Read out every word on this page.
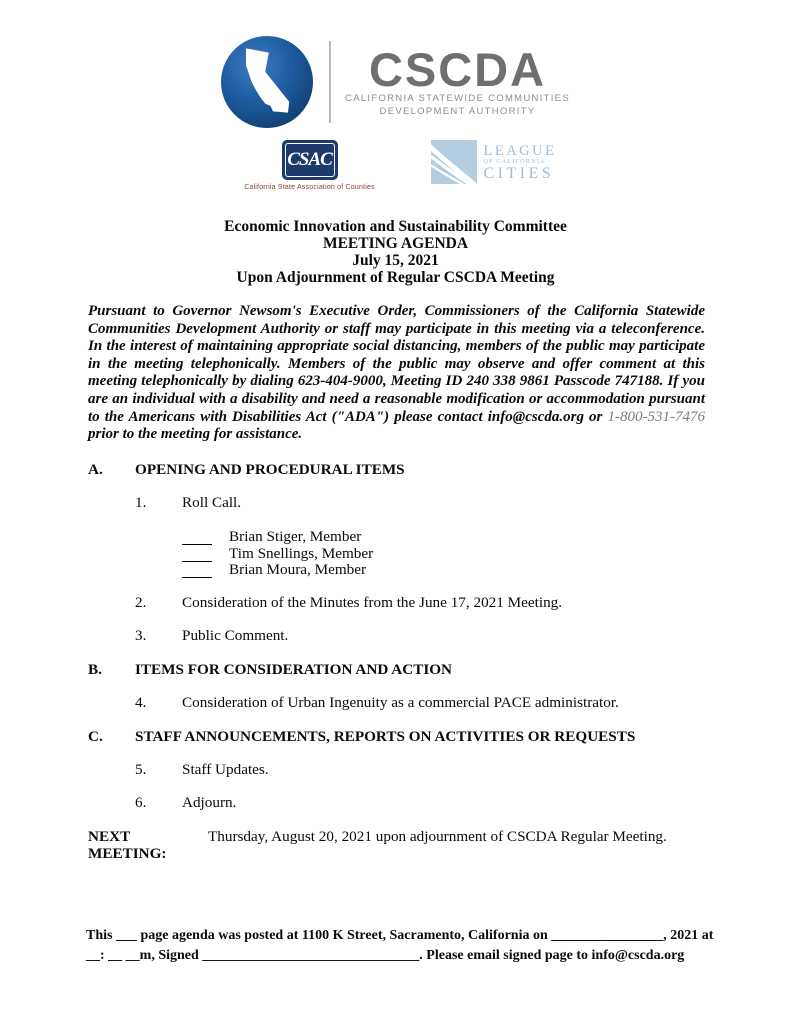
CSCDA
CALIFORNIA STATEWIDE COMMUNITIES
DEVELOPMENT AUTHORITY
CSAC
California State Association of Counties
LEAGUE
OF CALIFORNIA
CITIES
Economic Innovation and Sustainability Committee
MEETING AGENDA
July 15, 2021
Upon Adjournment of Regular CSCDA Meeting

Pursuant to Governor Newsom's Executive Order, Commissioners of the California Statewide Communities Development Authority or staff may participate in this meeting via a teleconference. In the interest of maintaining appropriate social distancing, members of the public may participate in the meeting telephonically. Members of the public may observe and offer comment at this meeting telephonically by dialing 623-404-9000, Meeting ID 240 338 9861 Passcode 747188. If you are an individual with a disability and need a reasonable modification or accommodation pursuant to the Americans with Disabilities Act ("ADA") please contact info@cscda.org or 1-800-531-7476 prior to the meeting for assistance.

A.	OPENING AND PROCEDURAL ITEMS
1.	Roll Call.
Brian Stiger, Member
Tim Snellings, Member
Brian Moura, Member
2.	Consideration of the Minutes from the June 17, 2021 Meeting.
3.	Public Comment.
B.	ITEMS FOR CONSIDERATION AND ACTION
4.	Consideration of Urban Ingenuity as a commercial PACE administrator.
C.	STAFF ANNOUNCEMENTS, REPORTS ON ACTIVITIES OR REQUESTS
5.	Staff Updates.
6.	Adjourn.
NEXT MEETING:
Thursday, August 20, 2021 upon adjournment of CSCDA Regular Meeting.
This ___ page agenda was posted at 1100 K Street, Sacramento, California on ________________, 2021 at
__: __ __m, Signed _______________________________. Please email signed page to info@cscda.org
